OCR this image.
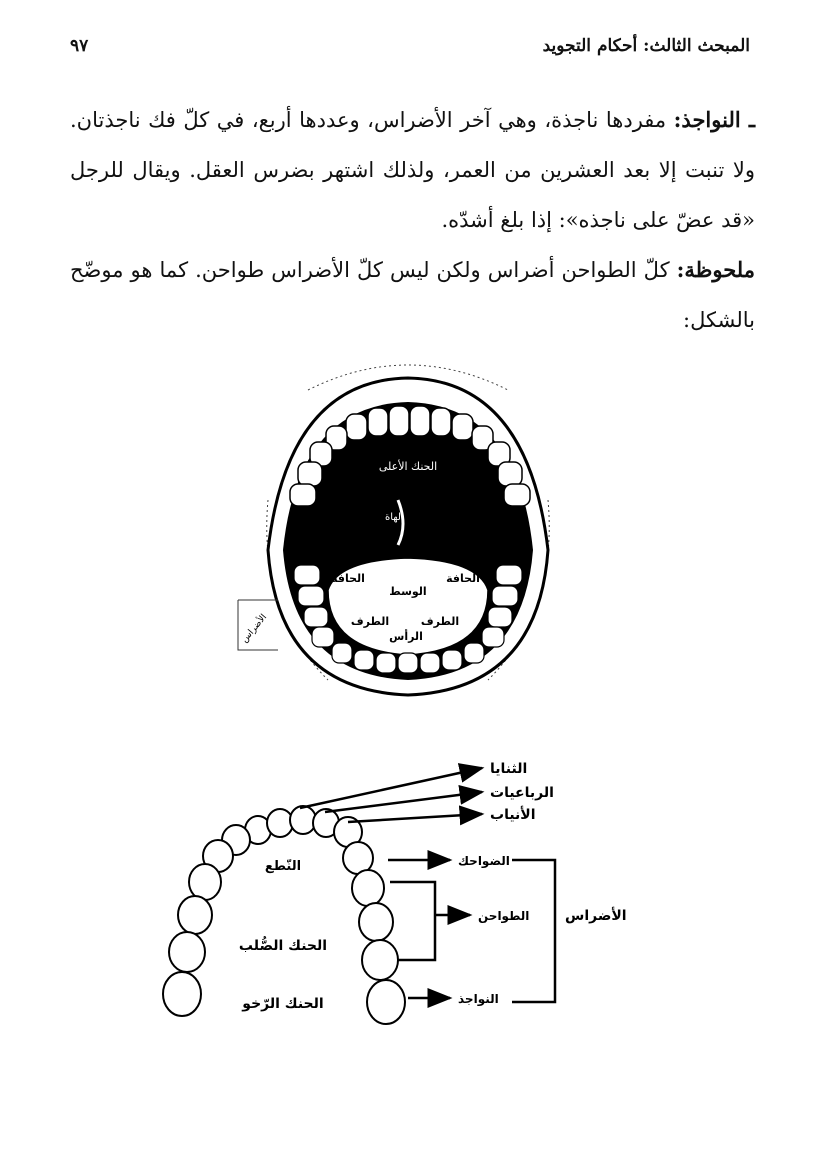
المبحث الثالث: أحكام التجويد
٩٧

ـ النواجذ: مفردها ناجذة، وهي آخر الأضراس، وعددها أربع، في كلّ فك ناجذتان. ولا تنبت إلا بعد العشرين من العمر، ولذلك اشتهر بضرس العقل. ويقال للرجل «قد عضّ على ناجذه»: إذا بلغ أشدّه.

ملحوظة: كلّ الطواحن أضراس ولكن ليس كلّ الأضراس طواحن. كما هو موضّح بالشكل:

الحنك الأعلى
لهاة
الوسط
الحافة	الحافة
الطرف	الطرف
الرأس
الأضراس
الثنايا
الرباعيات
الأنياب
الضواحك
الطواحن
النواجذ
الأضراس
النّطع
الحنك الصُّلب
الحنك الرّخو
